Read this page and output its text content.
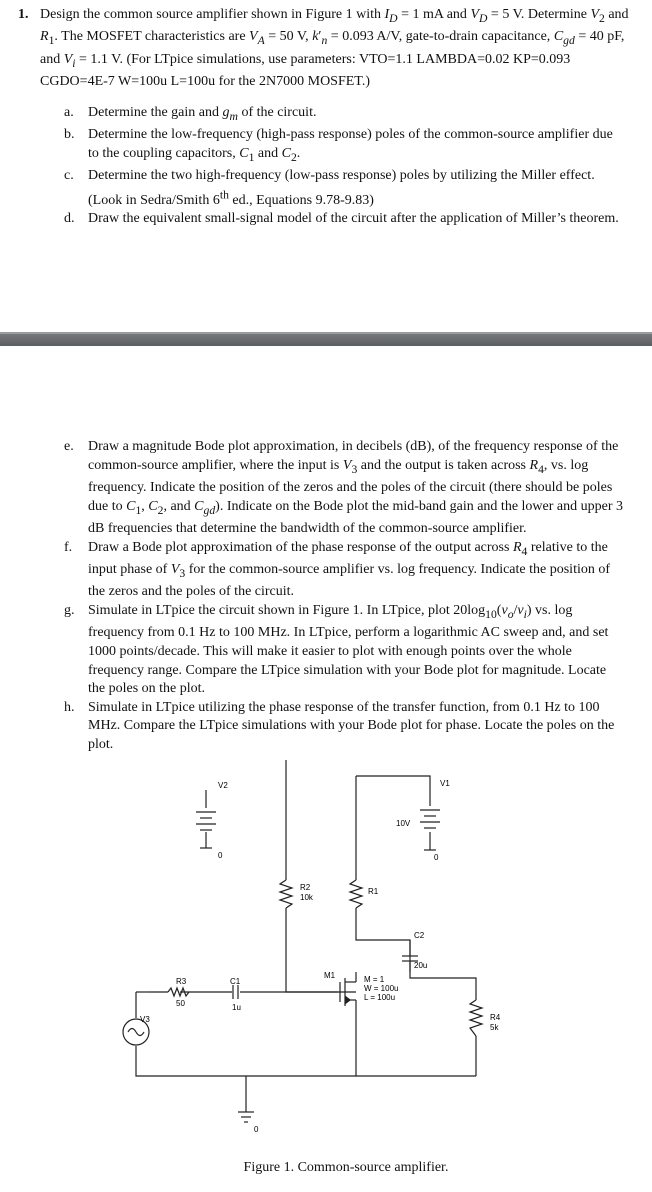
1. Design the common source amplifier shown in Figure 1 with $I_D = 1$ mA and $V_D = 5$ V. Determine $V_2$ and $R_1$. The MOSFET characteristics are $V_A = 50$ V, $k'_n = 0.093$ A/V, gate-to-drain capacitance, $C_{gd} = 40$ pF, and $V_i = 1.1$ V. (For LTpice simulations, use parameters: VTO=1.1 LAMBDA=0.02 KP=0.093 CGDO=4E-7 W=100u L=100u for the 2N7000 MOSFET.)
a. Determine the gain and $g_m$ of the circuit.
b. Determine the low-frequency (high-pass response) poles of the common-source amplifier due to the coupling capacitors, $C_1$ and $C_2$.
c. Determine the two high-frequency (low-pass response) poles by utilizing the Miller effect. (Look in Sedra/Smith 6th ed., Equations 9.78-9.83)
d. Draw the equivalent small-signal model of the circuit after the application of Miller’s theorem.
e. Draw a magnitude Bode plot approximation, in decibels (dB), of the frequency response of the common-source amplifier, where the input is $V_3$ and the output is taken across $R_4$, vs. log frequency. Indicate the position of the zeros and the poles of the circuit (there should be poles due to $C_1$, $C_2$, and $C_{gd}$). Indicate on the Bode plot the mid-band gain and the lower and upper 3 dB frequencies that determine the bandwidth of the common-source amplifier.
f. Draw a Bode plot approximation of the phase response of the output across $R_4$ relative to the input phase of $V_3$ for the common-source amplifier vs. log frequency. Indicate the position of the zeros and the poles of the circuit.
g. Simulate in LTpice the circuit shown in Figure 1. In LTpice, plot $20\log_{10}(v_o/v_i)$ vs. log frequency from 0.1 Hz to 100 MHz. In LTpice, perform a logarithmic AC sweep and, and set 1000 points/decade. This will make it easier to plot with enough points over the whole frequency range. Compare the LTpice simulation with your Bode plot for magnitude. Locate the poles on the plot.
h. Simulate in LTpice utilizing the phase response of the transfer function, from 0.1 Hz to 100 MHz. Compare the LTpice simulations with your Bode plot for phase. Locate the poles on the plot.
V2
0
V1
10V
0
R2
10k
R1
C2
20u
R3
50
C1
1u
M1	M = 1
W = 100u
L = 100u
R4
5k
V3
0
Figure 1. Common-source amplifier.
